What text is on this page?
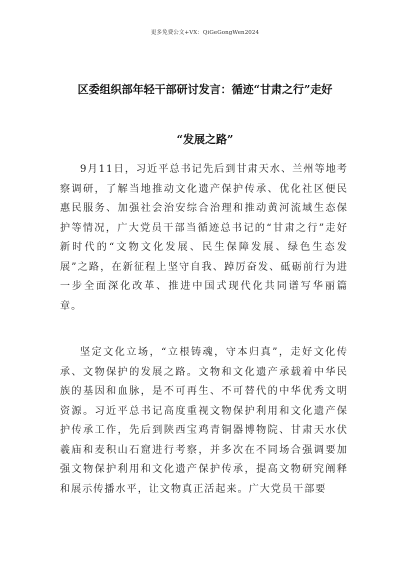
更多免费公文+VX：QiGeGongWen2024
区委组织部年轻干部研讨发言：循迹“甘肃之行”走好
“发展之路”

9月11日，习近平总书记先后到甘肃天水、兰州等地考察调研，了解当地推动文化遗产保护传承、优化社区便民惠民服务、加强社会治安综合治理和推动黄河流域生态保护等情况，广大党员干部当循迹总书记的“甘肃之行”走好新时代的“文物文化发展、民生保障发展、绿色生态发展”之路，在新征程上坚守自我、踔厉奋发、砥砺前行为进一步全面深化改革、推进中国式现代化共同谱写华丽篇章。

坚定文化立场，“立根铸魂，守本归真”，走好文化传承、文物保护的发展之路。文物和文化遗产承载着中华民族的基因和血脉，是不可再生、不可替代的中华优秀文明资源。习近平总书记高度重视文物保护利用和文化遗产保护传承工作，先后到陕西宝鸡青铜器博物院、甘肃天水伏羲庙和麦积山石窟进行考察，并多次在不同场合强调要加强文物保护利用和文化遗产保护传承，提高文物研究阐释和展示传播水平，让文物真正活起来。广大党员干部要
